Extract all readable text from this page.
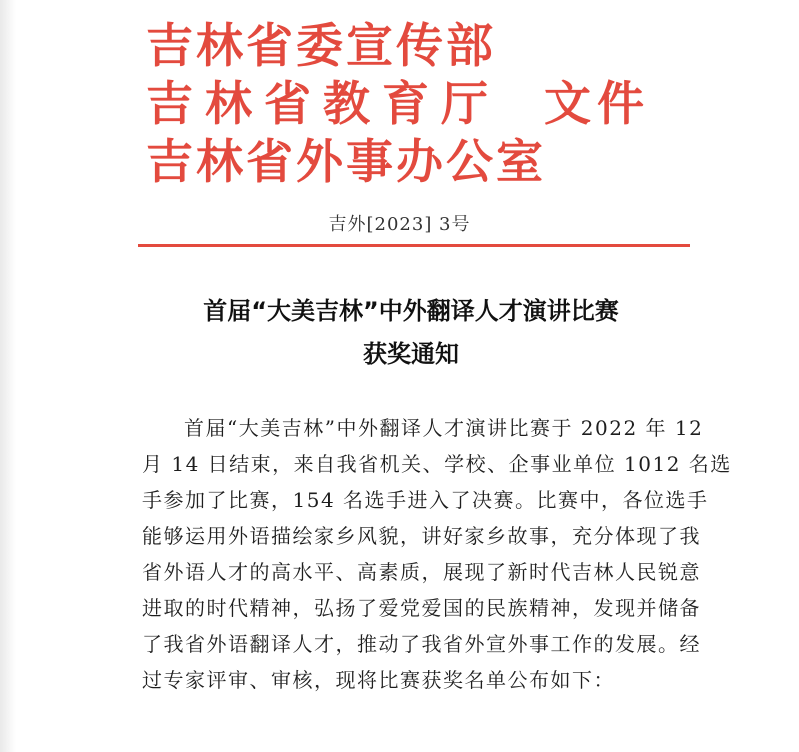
吉林省委宣传部
吉林省教育厅
吉林省外事办公室
文件
吉外[2023] 3号
首届“大美吉林”中外翻译人才演讲比赛
获奖通知
首届“大美吉林”中外翻译人才演讲比赛于 2022 年 12
月 14 日结束，来自我省机关、学校、企事业单位 1012 名选
手参加了比赛，154 名选手进入了决赛。比赛中，各位选手
能够运用外语描绘家乡风貌，讲好家乡故事，充分体现了我
省外语人才的高水平、高素质，展现了新时代吉林人民锐意
进取的时代精神，弘扬了爱党爱国的民族精神，发现并储备
了我省外语翻译人才，推动了我省外宣外事工作的发展。经
过专家评审、审核，现将比赛获奖名单公布如下：
